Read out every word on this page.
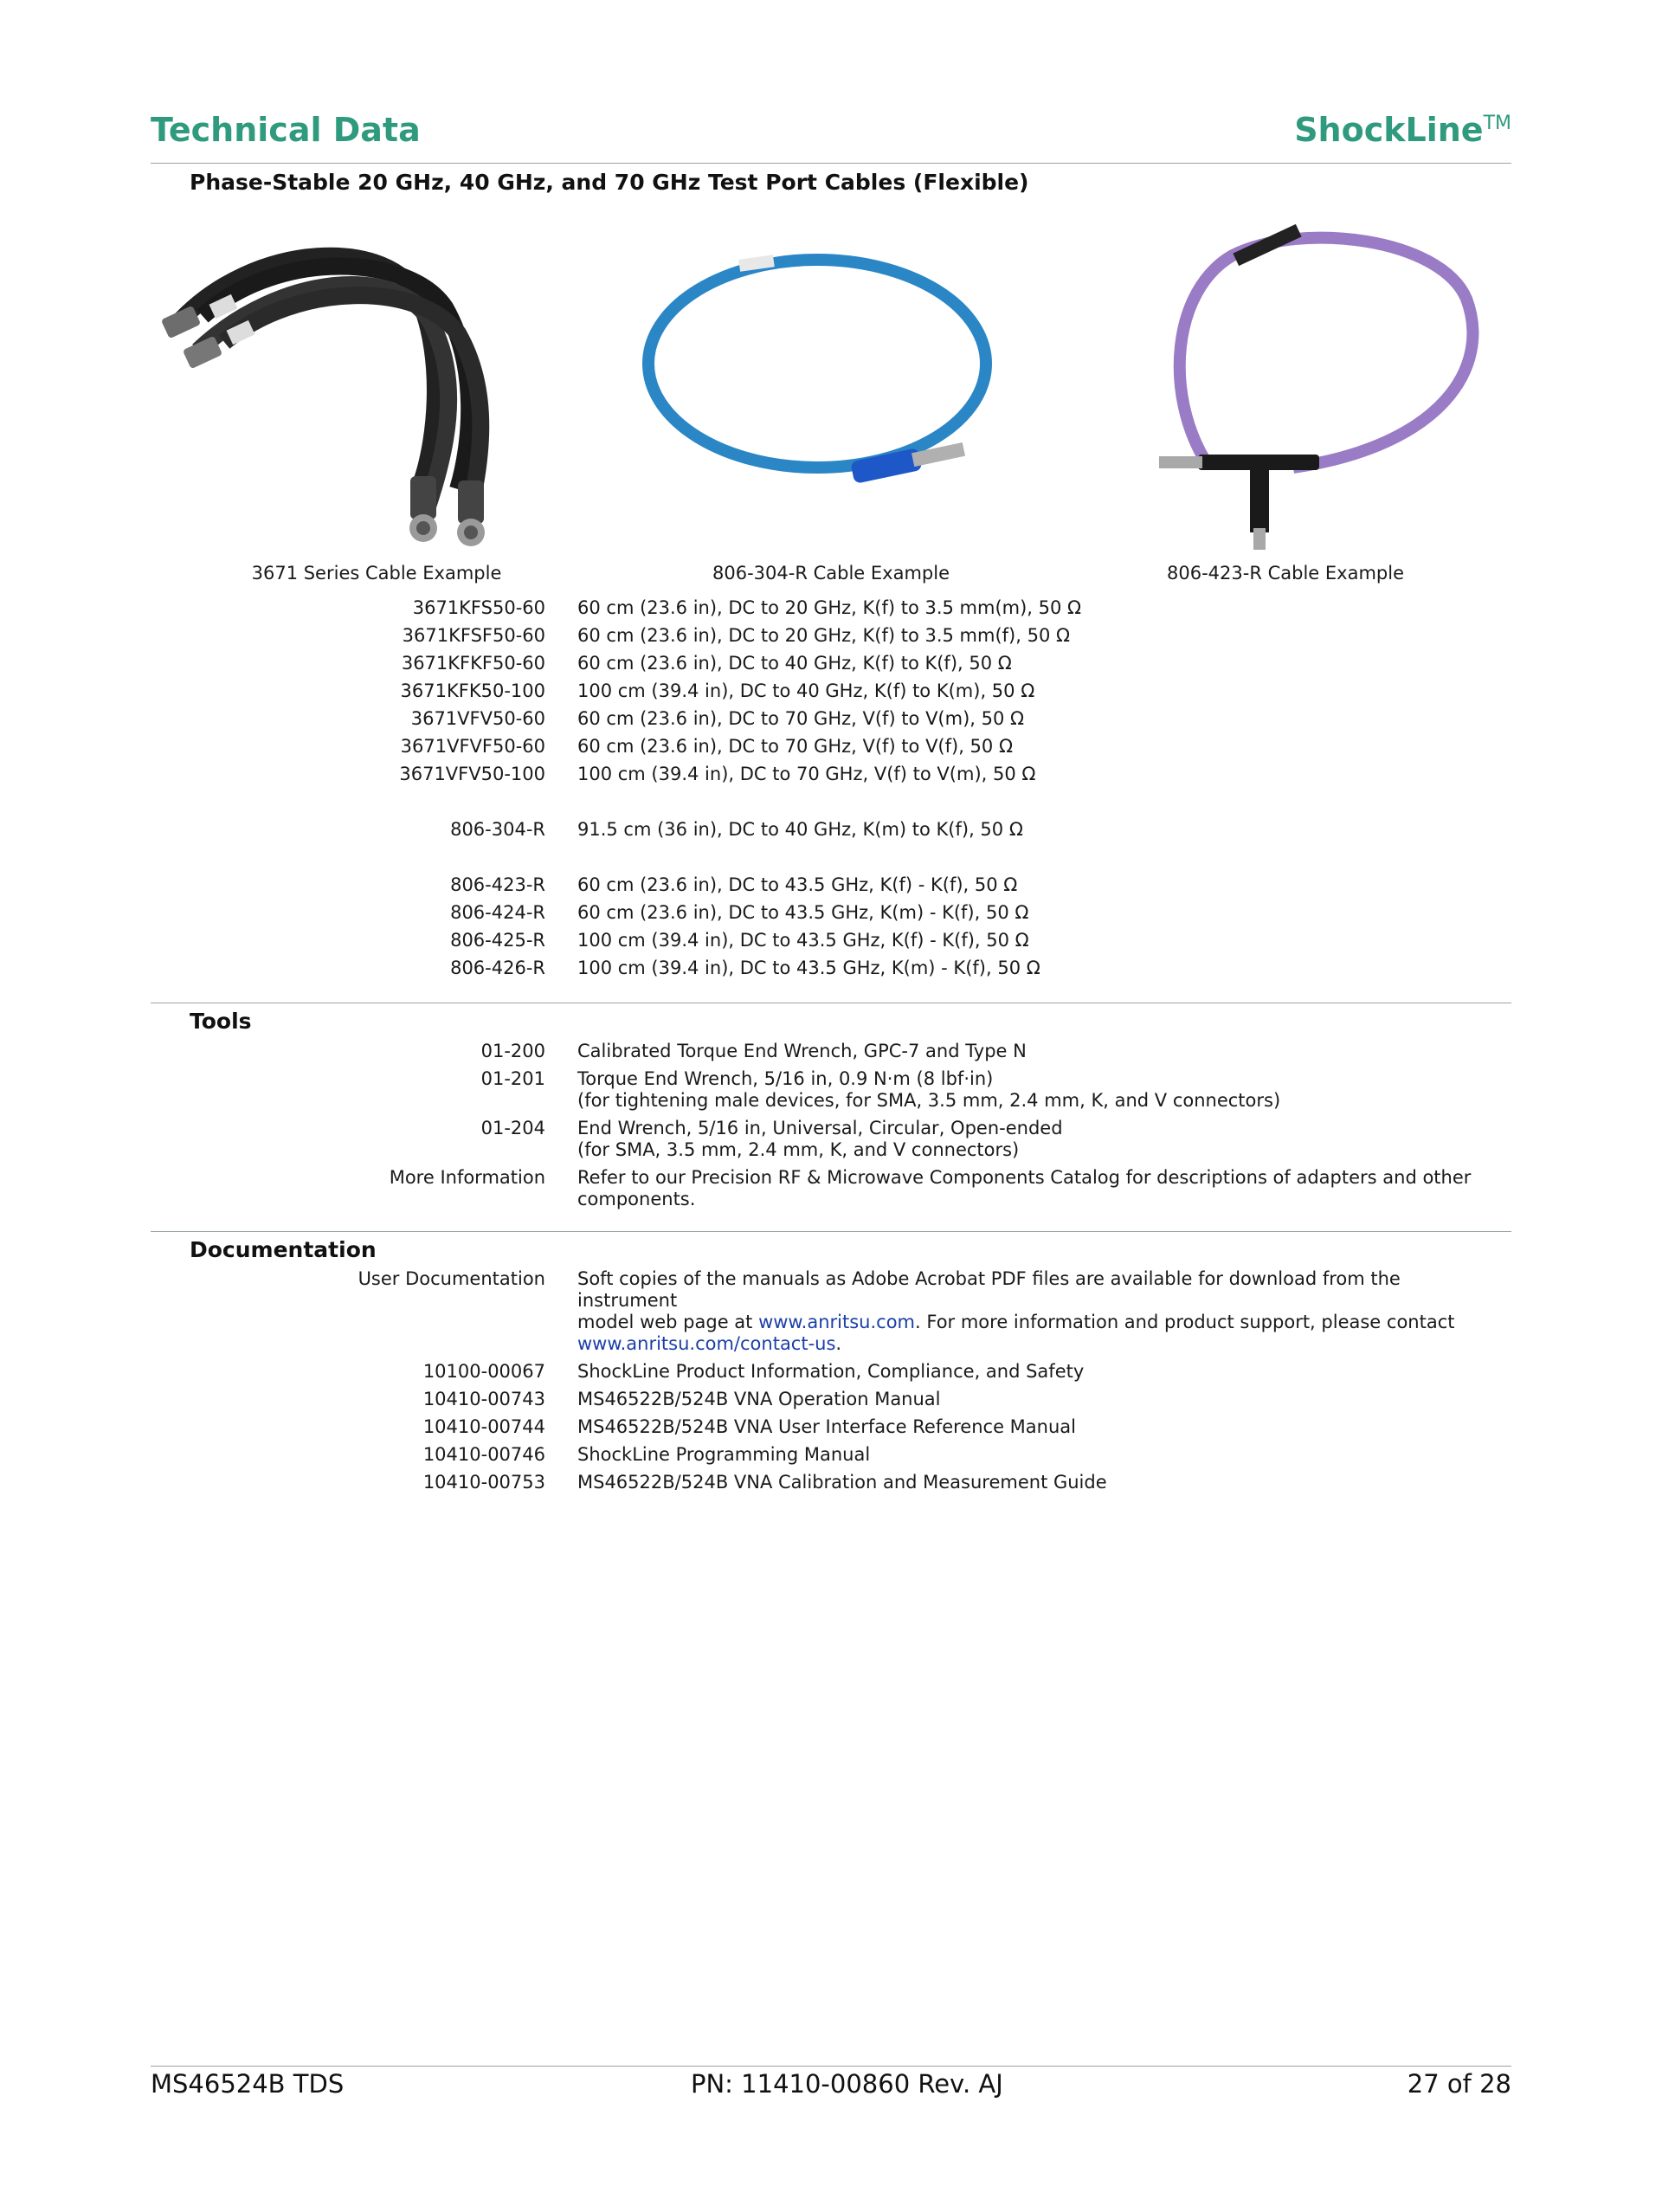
Technical Data	ShockLine™
Phase-Stable 20 GHz, 40 GHz, and 70 GHz Test Port Cables (Flexible)
3671 Series Cable Example	806-304-R Cable Example	806-423-R Cable Example
3671KFS50-60 60 cm (23.6 in), DC to 20 GHz, K(f) to 3.5 mm(m), 50 Ω
3671KFSF50-60 60 cm (23.6 in), DC to 20 GHz, K(f) to 3.5 mm(f), 50 Ω
3671KFKF50-60 60 cm (23.6 in), DC to 40 GHz, K(f) to K(f), 50 Ω
3671KFK50-100 100 cm (39.4 in), DC to 40 GHz, K(f) to K(m), 50 Ω
3671VFV50-60 60 cm (23.6 in), DC to 70 GHz, V(f) to V(m), 50 Ω
3671VFVF50-60 60 cm (23.6 in), DC to 70 GHz, V(f) to V(f), 50 Ω
3671VFV50-100 100 cm (39.4 in), DC to 70 GHz, V(f) to V(m), 50 Ω
806-304-R 91.5 cm (36 in), DC to 40 GHz, K(m) to K(f), 50 Ω
806-423-R 60 cm (23.6 in), DC to 43.5 GHz, K(f) - K(f), 50 Ω
806-424-R 60 cm (23.6 in), DC to 43.5 GHz, K(m) - K(f), 50 Ω
806-425-R 100 cm (39.4 in), DC to 43.5 GHz, K(f) - K(f), 50 Ω
806-426-R 100 cm (39.4 in), DC to 43.5 GHz, K(m) - K(f), 50 Ω
Tools
01-200 Calibrated Torque End Wrench, GPC-7 and Type N
01-201 Torque End Wrench, 5/16 in, 0.9 N·m (8 lbf·in)
(for tightening male devices, for SMA, 3.5 mm, 2.4 mm, K, and V connectors)
01-204 End Wrench, 5/16 in, Universal, Circular, Open-ended
(for SMA, 3.5 mm, 2.4 mm, K, and V connectors)
More Information Refer to our Precision RF & Microwave Components Catalog for descriptions of adapters and other
components.
Documentation
User Documentation Soft copies of the manuals as Adobe Acrobat PDF files are available for download from the instrument
model web page at www.anritsu.com. For more information and product support, please contact
www.anritsu.com/contact-us.
10100-00067 ShockLine Product Information, Compliance, and Safety
10410-00743 MS46522B/524B VNA Operation Manual
10410-00744 MS46522B/524B VNA User Interface Reference Manual
10410-00746 ShockLine Programming Manual
10410-00753 MS46522B/524B VNA Calibration and Measurement Guide
MS46524B TDS	PN: 11410-00860 Rev. AJ	27 of 28
